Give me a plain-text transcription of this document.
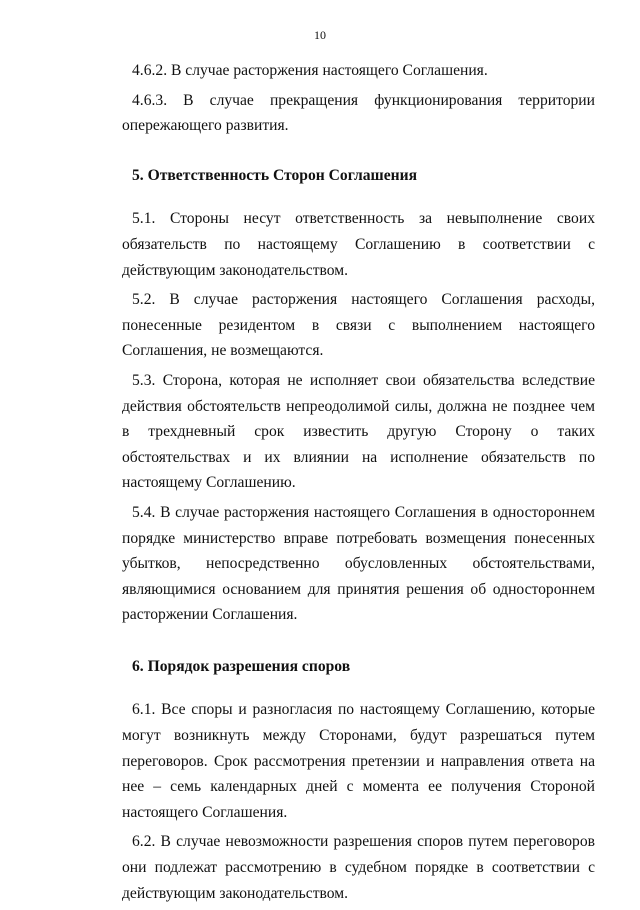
10

4.6.2. В случае расторжения настоящего Соглашения.

4.6.3. В случае прекращения функционирования территории опережающего развития.

5. Ответственность Сторон Соглашения

5.1. Стороны несут ответственность за невыполнение своих обязательств по настоящему Соглашению в соответствии с действующим законодательством.

5.2. В случае расторжения настоящего Соглашения расходы, понесенные резидентом в связи с выполнением настоящего Соглашения, не возмещаются.

5.3. Сторона, которая не исполняет свои обязательства вследствие действия обстоятельств непреодолимой силы, должна не позднее чем в трехдневный срок известить другую Сторону о таких обстоятельствах и их влиянии на исполнение обязательств по настоящему Соглашению.

5.4. В случае расторжения настоящего Соглашения в одностороннем порядке министерство вправе потребовать возмещения понесенных убытков, непосредственно обусловленных обстоятельствами, являющимися основанием для принятия решения об одностороннем расторжении Соглашения.

6. Порядок разрешения споров

6.1. Все споры и разногласия по настоящему Соглашению, которые могут возникнуть между Сторонами, будут разрешаться путем переговоров. Срок рассмотрения претензии и направления ответа на нее – семь календарных дней с момента ее получения Стороной настоящего Соглашения.

6.2. В случае невозможности разрешения споров путем переговоров они подлежат рассмотрению в судебном порядке в соответствии с действующим законодательством.
